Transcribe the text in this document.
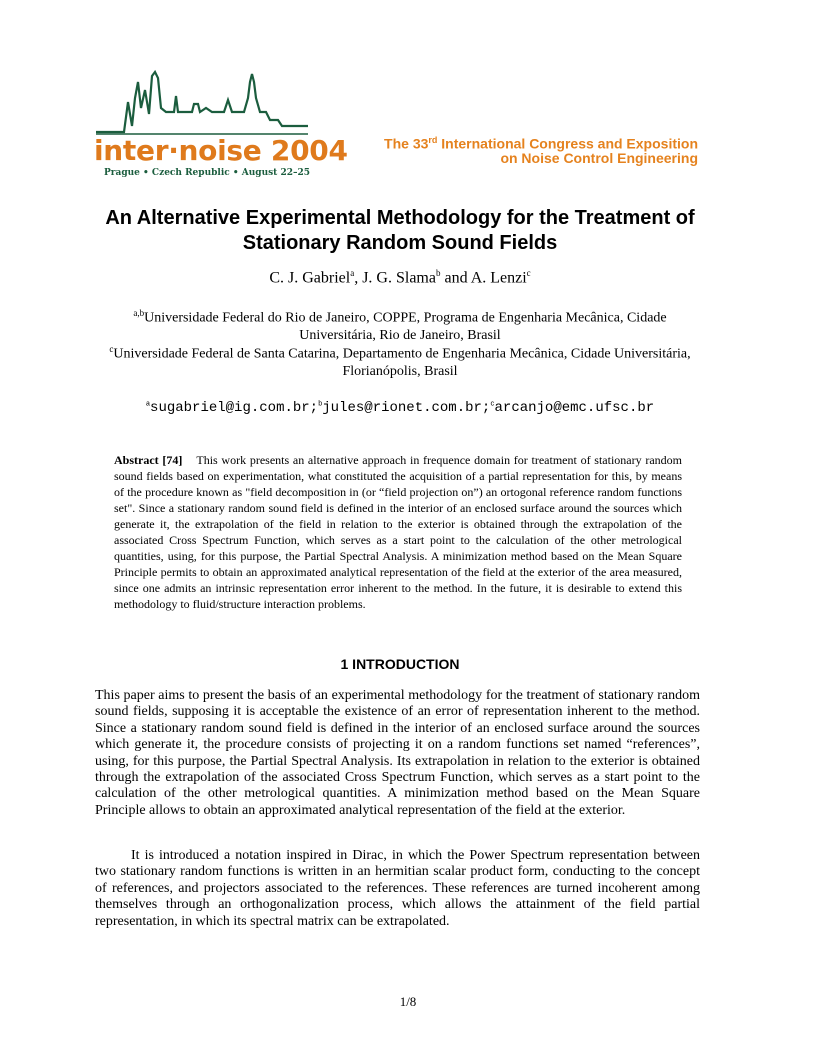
inter·noise 2004
Prague • Czech Republic • August 22–25
The 33rd International Congress and Exposition
on Noise Control Engineering
An Alternative Experimental Methodology for the Treatment of Stationary Random Sound Fields
C. J. Gabriel$^a$, J. G. Slama$^b$ and A. Lenzi$^c$
$^{a,b}$Universidade Federal do Rio de Janeiro, COPPE, Programa de Engenharia Mecânica, Cidade Universitária, Rio de Janeiro, Brasil
$^c$Universidade Federal de Santa Catarina, Departamento de Engenharia Mecânica, Cidade Universitária, Florianópolis, Brasil
$^a$sugabriel@ig.com.br;$^b$jules@rionet.com.br;$^c$arcanjo@emc.ufsc.br

Abstract [74] This work presents an alternative approach in frequence domain for treatment of stationary random sound fields based on experimentation, what constituted the acquisition of a partial representation for this, by means of the procedure known as "field decomposition in (or “field projection on”) an ortogonal reference random functions set". Since a stationary random sound field is defined in the interior of an enclosed surface around the sources which generate it, the extrapolation of the field in relation to the exterior is obtained through the extrapolation of the associated Cross Spectrum Function, which serves as a start point to the calculation of the other metrological quantities, using, for this purpose, the Partial Spectral Analysis. A minimization method based on the Mean Square Principle permits to obtain an approximated analytical representation of the field at the exterior of the area measured, since one admits an intrinsic representation error inherent to the method. In the future, it is desirable to extend this methodology to fluid/structure interaction problems.

1 INTRODUCTION

This paper aims to present the basis of an experimental methodology for the treatment of stationary random sound fields, supposing it is acceptable the existence of an error of representation inherent to the method. Since a stationary random sound field is defined in the interior of an enclosed surface around the sources which generate it, the procedure consists of projecting it on a random functions set named “references”, using, for this purpose, the Partial Spectral Analysis. Its extrapolation in relation to the exterior is obtained through the extrapolation of the associated Cross Spectrum Function, which serves as a start point to the calculation of the other metrological quantities. A minimization method based on the Mean Square Principle allows to obtain an approximated analytical representation of the field at the exterior.

It is introduced a notation inspired in Dirac, in which the Power Spectrum representation between two stationary random functions is written in an hermitian scalar product form, conducting to the concept of references, and projectors associated to the references. These references are turned incoherent among themselves through an orthogonalization process, which allows the attainment of the field partial representation, in which its spectral matrix can be extrapolated.

1/8
